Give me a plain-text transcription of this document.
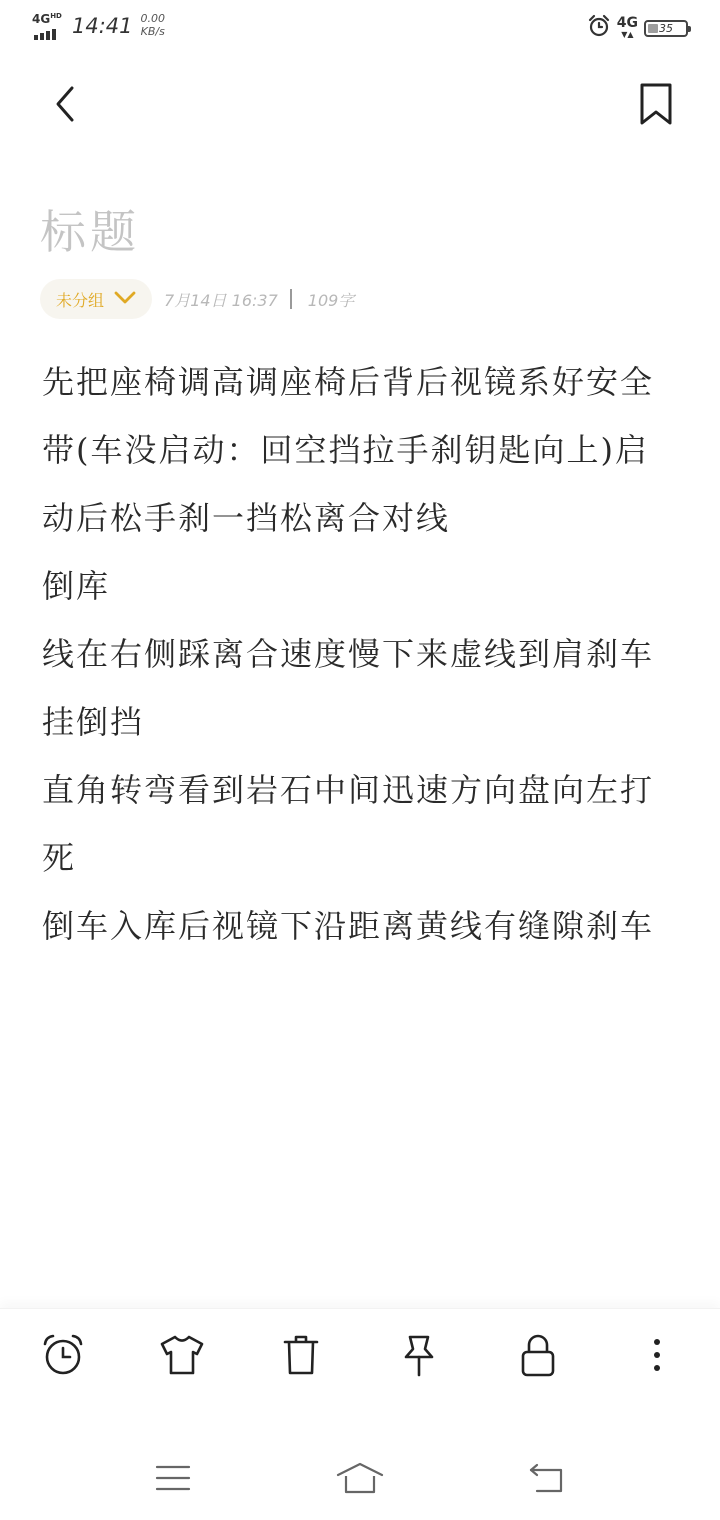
$4G^{HD}$ 14:41 0.00
KB/s
4G
▼▲	35
标题
未分组	7月14日 16:37 109字
先把座椅调高调座椅后背后视镜系好安全带(车没启动：回空挡拉手刹钥匙向上)启动后松手刹一挡松离合对线
倒库
线在右侧踩离合速度慢下来虚线到肩刹车挂倒挡
直角转弯看到岩石中间迅速方向盘向左打死
倒车入库后视镜下沿距离黄线有缝隙刹车
